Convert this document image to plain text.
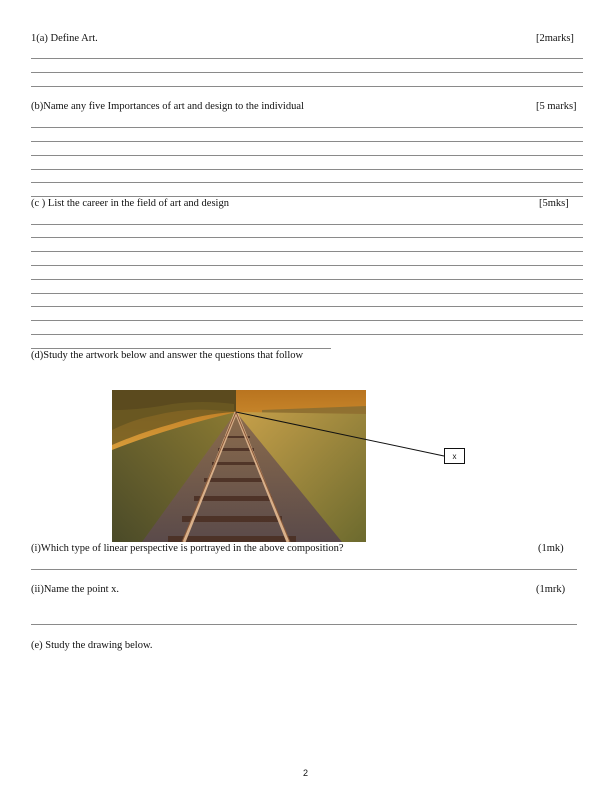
1(a) Define Art.	[2marks]
(b)Name any five Importances of art and design to the individual	[5 marks]
(c ) List the career in the field of art and design	[5mks]
(d)Study the artwork below and answer the questions that follow
x
(i)Which type of linear perspective is portrayed in the above composition?	(1mk)
(ii)Name the point x.	(1mrk)
(e) Study the drawing below.
2
